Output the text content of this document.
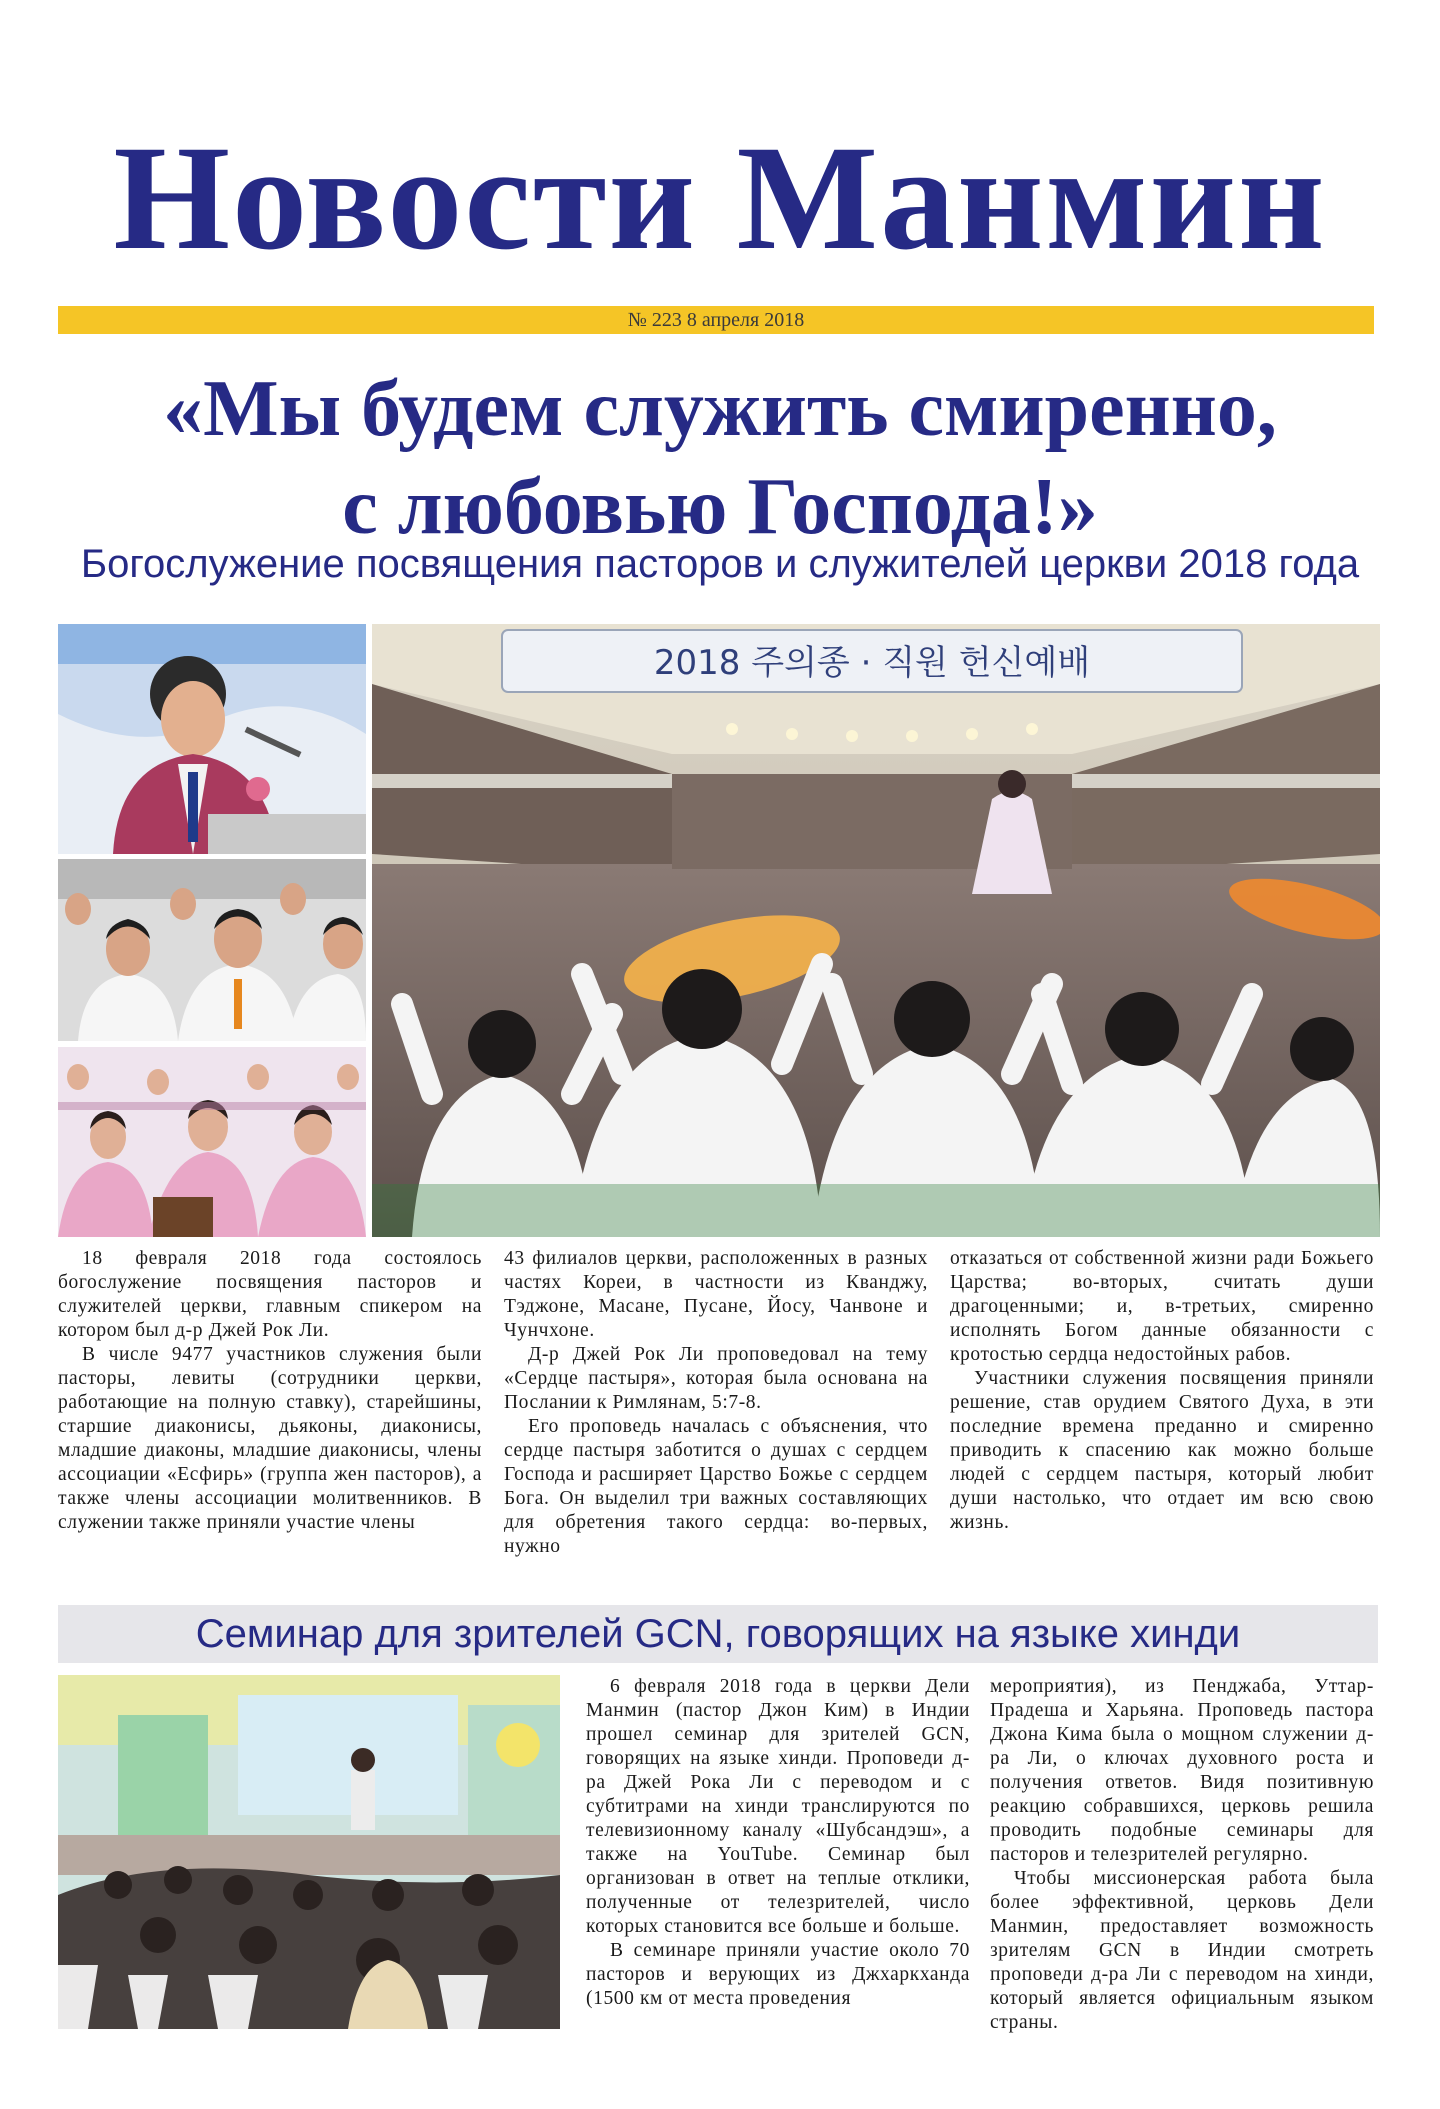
Новости Манмин
№ 223 8 апреля 2018
«Мы будем служить смиренно,
с любовью Господа!»
Богослужение посвящения пасторов и служителей церкви 2018 года
2018 주의종 · 직원 헌신예배

18 февраля 2018 года состоялось богослужение посвящения пасторов и служителей церкви, главным спикером на котором был д-р Джей Рок Ли.

В числе 9477 участников служения были пасторы, левиты (сотрудники церкви, работающие на полную ставку), старейшины, старшие диаконисы, дьяконы, диаконисы, младшие диаконы, младшие диаконисы, члены ассоциации «Есфирь» (группа жен пасторов), а также члены ассоциации молитвенников. В служении также приняли участие члены

43 филиалов церкви, расположенных в разных частях Кореи, в частности из Кванджу, Тэджоне, Масане, Пусане, Йосу, Чанвоне и Чунчхоне.

Д-р Джей Рок Ли проповедовал на тему «Сердце пастыря», которая была основана на Послании к Римлянам, 5:7-8.

Его проповедь началась с объяснения, что сердце пастыря заботится о душах с сердцем Господа и расширяет Царство Божье с сердцем Бога. Он выделил три важных составляющих для обретения такого сердца: во-первых, нужно

отказаться от собственной жизни ради Божьего Царства; во-вторых, считать души драгоценными; и, в-третьих, смиренно исполнять Богом данные обязанности с кротостью сердца недостойных рабов.

Участники служения посвящения приняли решение, став орудием Святого Духа, в эти последние времена преданно и смиренно приводить к спасению как можно больше людей с сердцем пастыря, который любит души настолько, что отдает им всю свою жизнь.

Семинар для зрителей GCN, говорящих на языке хинди

6 февраля 2018 года в церкви Дели Манмин (пастор Джон Ким) в Индии прошел семинар для зрителей GCN, говорящих на языке хинди. Проповеди д-ра Джей Рока Ли с переводом и с субтитрами на хинди транслируются по телевизионному каналу «Шубсандэш», а также на YouTube. Семинар был организован в ответ на теплые отклики, полученные от телезрителей, число которых становится все больше и больше.

В семинаре приняли участие около 70 пасторов и верующих из Джхаркханда (1500 км от места проведения

мероприятия), из Пенджаба, Уттар-Прадеша и Харьяна. Проповедь пастора Джона Кима была о мощном служении д-ра Ли, о ключах духовного роста и получения ответов. Видя позитивную реакцию собравшихся, церковь решила проводить подобные семинары для пасторов и телезрителей регулярно.

Чтобы миссионерская работа была более эффективной, церковь Дели Манмин, предоставляет возможность зрителям GCN в Индии смотреть проповеди д-ра Ли с переводом на хинди, который является официальным языком страны.
